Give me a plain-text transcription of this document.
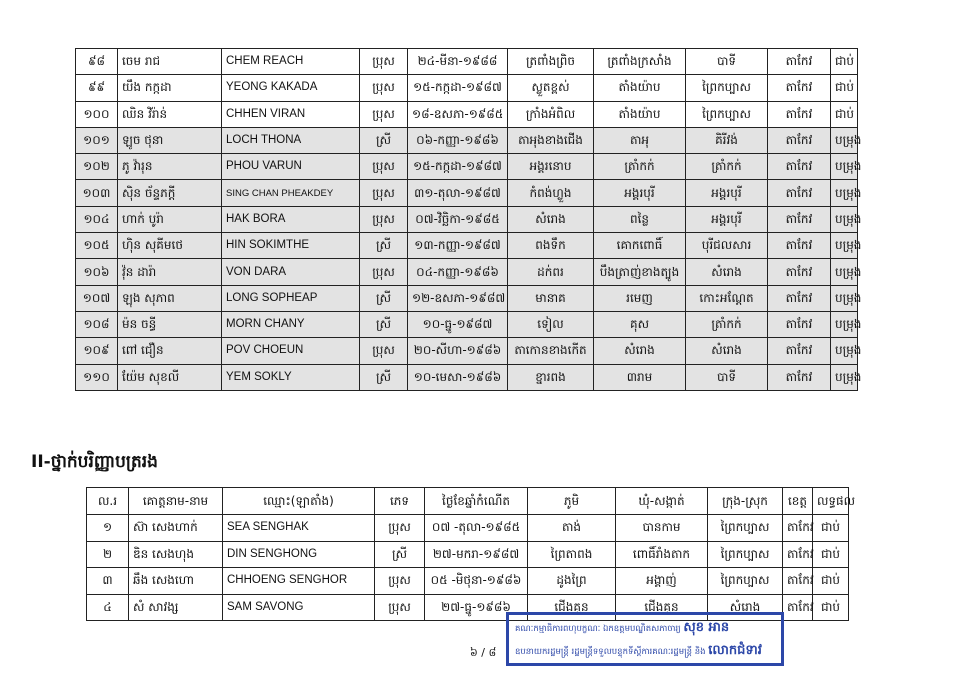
៩៨	ចេម រាជ	CHEM REACH	ប្រុស	២៤-មីនា-១៩៨៨	ត្រពាំងព្រិច	ត្រពាំងក្រសាំង	បាទី	តាកែវ	ជាប់
៩៩	យឹង កក្កដា	YEONG KAKADA	ប្រុស	១៥-កក្កដា-១៩៨៧	ស្លួតខ្ពស់	តាំងយ៉ាប	ព្រៃកប្បាស	តាកែវ	ជាប់
១០០	ឈិន វិរ៉ាន់	CHHEN VIRAN	ប្រុស	១៨-ឧសភា-១៩៨៥	ក្រាំងអំពិល	តាំងយ៉ាប	ព្រៃកប្បាស	តាកែវ	ជាប់
១០១	ឡូច ថុនា	LOCH THONA	ស្រី	០៦-កញ្ញា-១៩៨៦	តាអុងខាងជើង	តាអុ	គិរីវង់	តាកែវ	បម្រុង
១០២	ភូ វ៉ារុន	PHOU VARUN	ប្រុស	១៥-កក្កដា-១៩៨៧	អង្គរនោប	ត្រាំកក់	ត្រាំកក់	តាកែវ	បម្រុង
១០៣	ស៊ិន ច័ន្ទភក្តី	SING CHAN PHEAKDEY	ប្រុស	៣១-តុលា-១៩៨៧	កំពង់ហ្លួង	អង្គរបុរី	អង្គរបុរី	តាកែវ	បម្រុង
១០៤	ហាក់ បូរ៉ា	HAK BORA	ប្រុស	០៧-វិច្ឆិកា-១៩៨៥	សំរោង	ពន្លៃ	អង្គរបុរី	តាកែវ	បម្រុង
១០៥	ហ៊ិន សុគីមថេ	HIN SOKIMTHE	ស្រី	១៣-កញ្ញា-១៩៨៧	ពងទឹក	គោកពោធិ៍	បុរីជលសារ	តាកែវ	បម្រុង
១០៦	វ៉ុន ដារ៉ា	VON DARA	ប្រុស	០៤-កញ្ញា-១៩៨៦	ដក់ពរ	បឹងត្រាញ់ខាងត្បូង	សំរោង	តាកែវ	បម្រុង
១០៧	ឡុង សុភាព	LONG SOPHEAP	ស្រី	១២-ឧសភា-១៩៨៧	មានាគ	រមេញ	កោះអណ្តែត	តាកែវ	បម្រុង
១០៨	ម៉ន ចន្ធី	MORN CHANY	ស្រី	១០-ធ្នូ-១៩៨៧	ទៀល	គុស	ត្រាំកក់	តាកែវ	បម្រុង
១០៩	ពៅ ជឿន	POV CHOEUN	ប្រុស	២០-សីហា-១៩៨៦	តាកោនខាងកើត	សំរោង	សំរោង	តាកែវ	បម្រុង
១១០	យ៉ែម សុខលី	YEM SOKLY	ស្រី	១០-មេសា-១៩៨៦	ខ្នារពង	៣រាម	បាទី	តាកែវ	បម្រុង
II-ថ្នាក់បរិញ្ញាបត្ររង
ល.រ	គោត្តនាម-នាម	ឈ្មោះ(ឡាតាំង)	ភេទ	ថ្ងៃខែឆ្នាំកំណើត	ភូមិ	ឃុំ-សង្កាត់	ក្រុង-ស្រុក	ខេត្ត	លទ្ធផល
១	ស៊ា សេងហាក់	SEA SENGHAK	ប្រុស	០៧ -តុលា-១៩៨៥	តាង់	បានកាម	ព្រៃកប្បាស	តាកែវ	ជាប់
២	ឌិន សេងហុង	DIN SENGHONG	ស្រី	២៧-មករា-១៩៨៧	ព្រៃតាពង	ពោធិ៍រាំងតាក	ព្រៃកប្បាស	តាកែវ	ជាប់
៣	ឆឹង សេងហោ	CHHOENG SENGHOR	ប្រុស	០៥ -មិថុនា-១៩៨៦	ដូងព្រៃ	អង្គាញ់	ព្រៃកប្បាស	តាកែវ	ជាប់
៤	សំ សាវង្ស	SAM SAVONG	ប្រុស	២៧-ធ្នូ-១៩៨៦	ជើងគួន	ជើងគួន	សំរោង	តាកែវ	ជាប់
គណៈកម្មាធិការពហុបក្ខណៈ ឯកឧត្តមបណ្ឌិតសភាចារ្យ សុខ អាន
ឧបនាយករដ្ឋមន្ត្រី រដ្ឋមន្ត្រីទទួលបន្ទុកទីស្តីការគណៈរដ្ឋមន្ត្រី និង លោកជំទាវ
៦ / ៨
